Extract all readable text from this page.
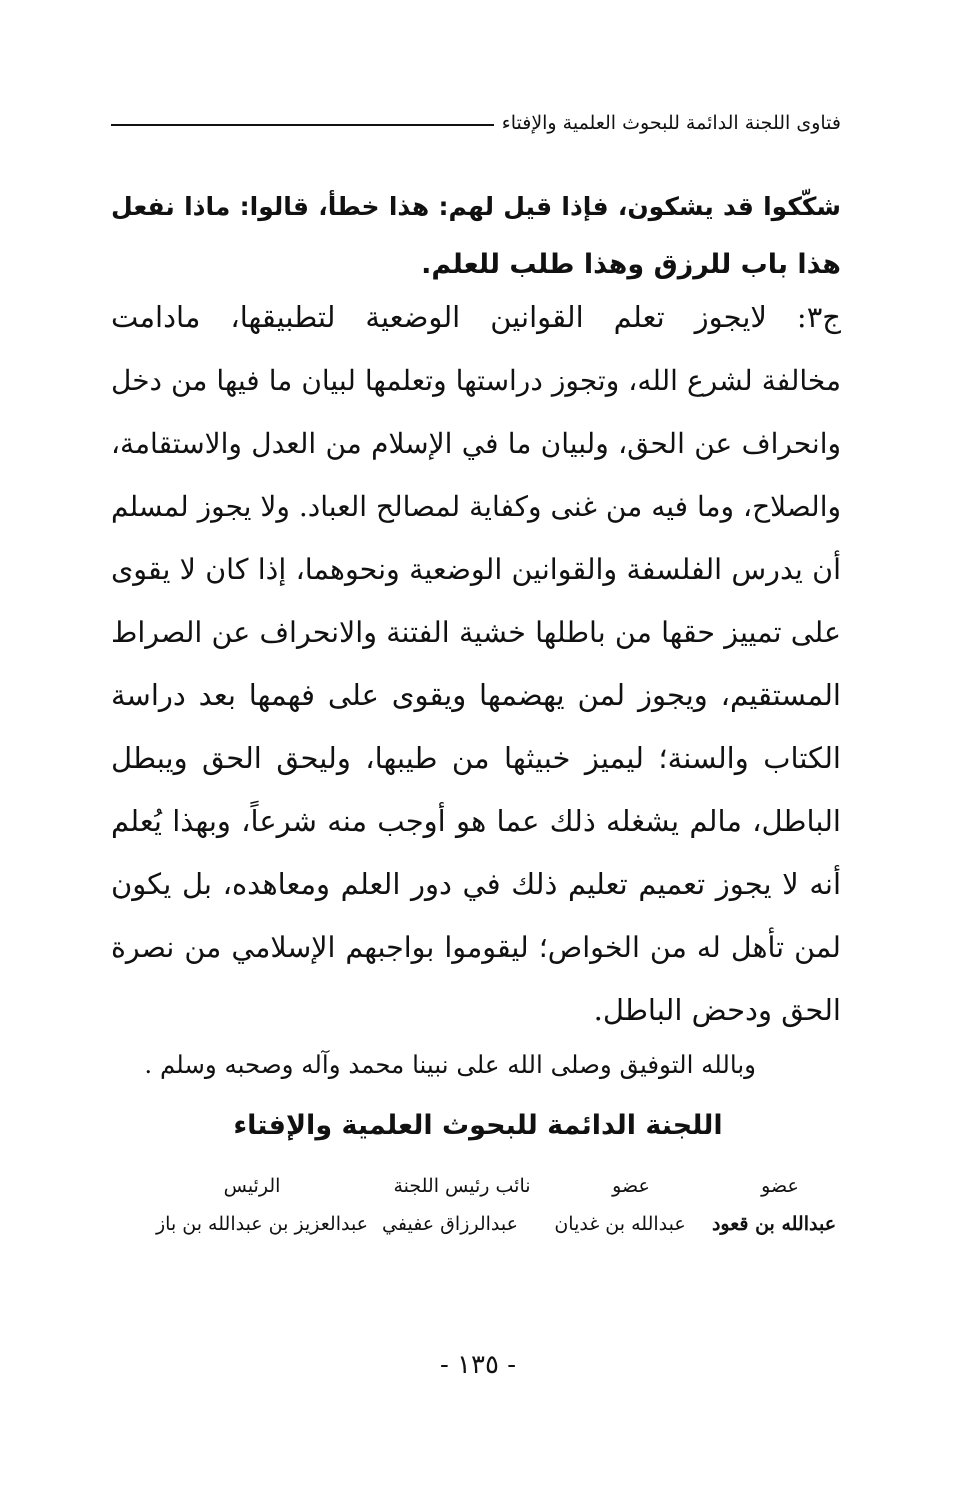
فتاوى اللجنة الدائمة للبحوث العلمية والإفتاء
شكّكوا قد يشكون، فإذا قيل لهم: هذا خطأ، قالوا: ماذا نفعل
هذا باب للرزق وهذا طلب للعلم.
ج٣: لايجوز تعلم القوانين الوضعية لتطبيقها، مادامت
مخالفة لشرع الله، وتجوز دراستها وتعلمها لبيان ما فيها من دخل
وانحراف عن الحق، ولبيان ما في الإسلام من العدل والاستقامة،
والصلاح، وما فيه من غنى وكفاية لمصالح العباد. ولا يجوز لمسلم
أن يدرس الفلسفة والقوانين الوضعية ونحوهما، إذا كان لا يقوى
على تمييز حقها من باطلها خشية الفتنة والانحراف عن الصراط
المستقيم، ويجوز لمن يهضمها ويقوى على فهمها بعد دراسة
الكتاب والسنة؛ ليميز خبيثها من طيبها، وليحق الحق ويبطل
الباطل، مالم يشغله ذلك عما هو أوجب منه شرعاً، وبهذا يُعلم
أنه لا يجوز تعميم تعليم ذلك في دور العلم ومعاهده، بل يكون
لمن تأهل له من الخواص؛ ليقوموا بواجبهم الإسلامي من نصرة
الحق ودحض الباطل.
وبالله التوفيق وصلى الله على نبينا محمد وآله وصحبه وسلم .
اللجنة الدائمة للبحوث العلمية والإفتاء
عضو
عضو
نائب رئيس اللجنة
الرئيس
عبدالله بن قعود
عبدالله بن غديان
عبدالرزاق عفيفي
عبدالعزيز بن عبدالله بن باز
- ١٣٥ -
